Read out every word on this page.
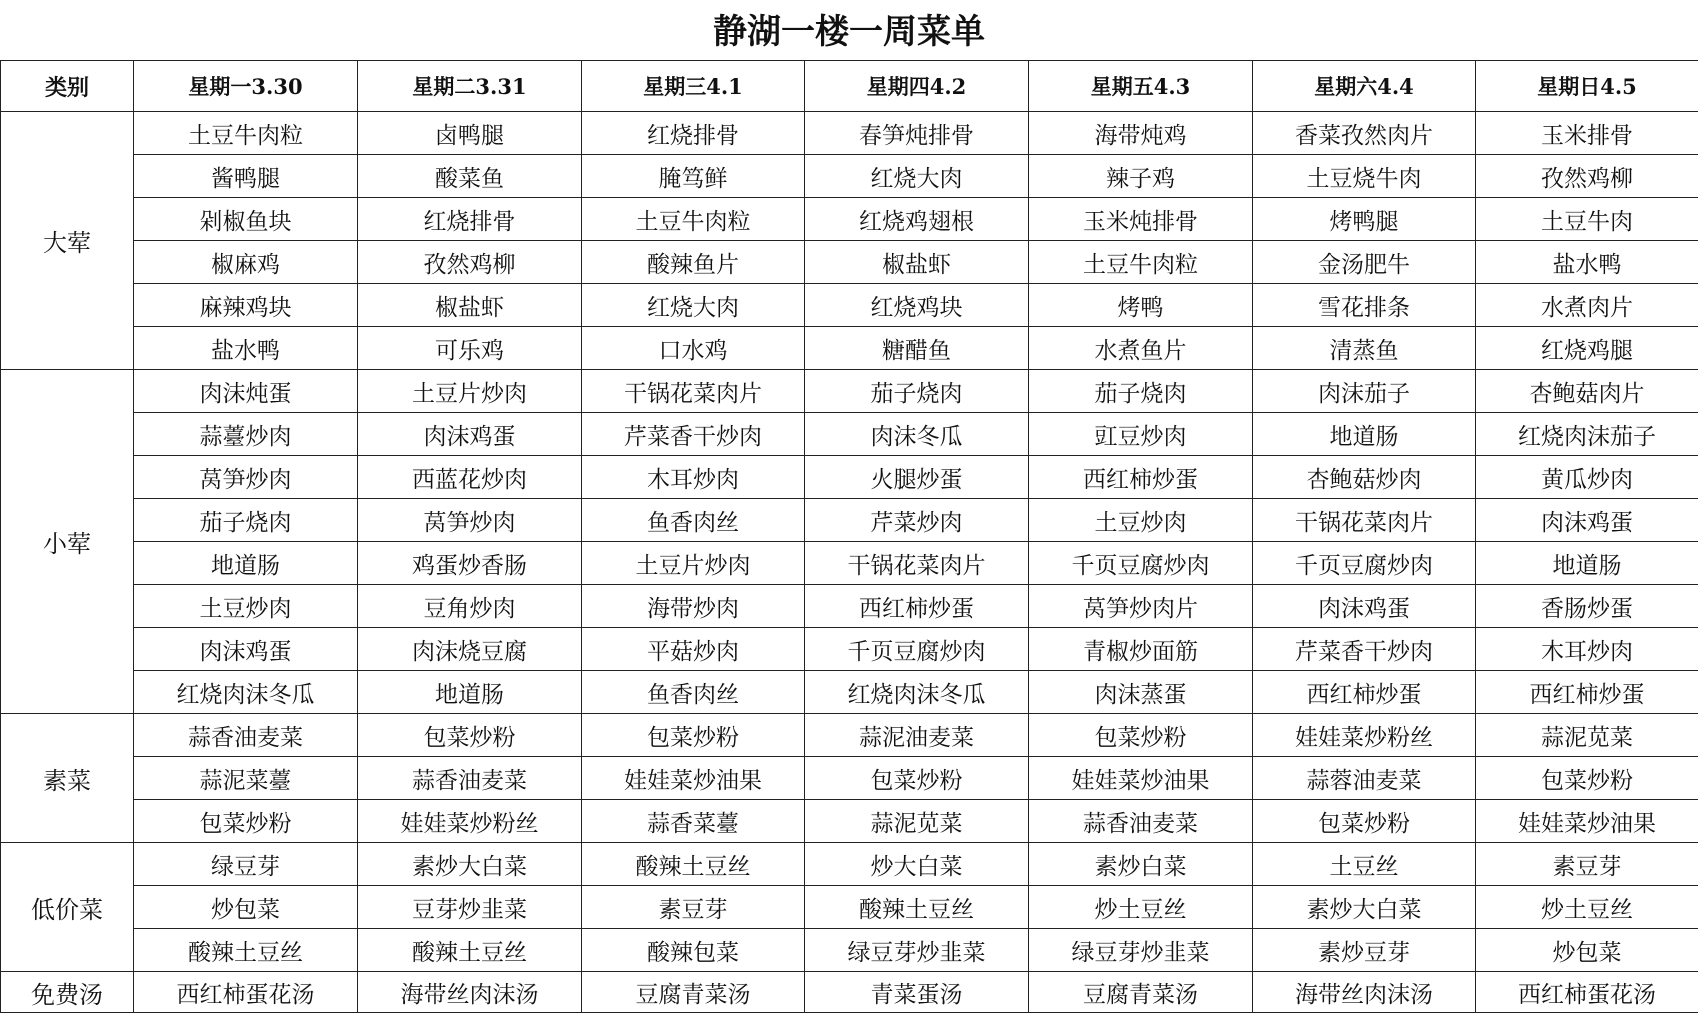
静湖一楼一周菜单
类别	星期一3.30	星期二3.31	星期三4.1	星期四4.2	星期五4.3	星期六4.4	星期日4.5
大荤	土豆牛肉粒	卤鸭腿	红烧排骨	春笋炖排骨	海带炖鸡	香菜孜然肉片	玉米排骨
	酱鸭腿	酸菜鱼	腌笃鲜	红烧大肉	辣子鸡	土豆烧牛肉	孜然鸡柳
	剁椒鱼块	红烧排骨	土豆牛肉粒	红烧鸡翅根	玉米炖排骨	烤鸭腿	土豆牛肉
	椒麻鸡	孜然鸡柳	酸辣鱼片	椒盐虾	土豆牛肉粒	金汤肥牛	盐水鸭
	麻辣鸡块	椒盐虾	红烧大肉	红烧鸡块	烤鸭	雪花排条	水煮肉片
	盐水鸭	可乐鸡	口水鸡	糖醋鱼	水煮鱼片	清蒸鱼	红烧鸡腿
小荤	肉沫炖蛋	土豆片炒肉	干锅花菜肉片	茄子烧肉	茄子烧肉	肉沫茄子	杏鲍菇肉片
	蒜薹炒肉	肉沫鸡蛋	芹菜香干炒肉	肉沫冬瓜	豇豆炒肉	地道肠	红烧肉沫茄子
	莴笋炒肉	西蓝花炒肉	木耳炒肉	火腿炒蛋	西红柿炒蛋	杏鲍菇炒肉	黄瓜炒肉
	茄子烧肉	莴笋炒肉	鱼香肉丝	芹菜炒肉	土豆炒肉	干锅花菜肉片	肉沫鸡蛋
	地道肠	鸡蛋炒香肠	土豆片炒肉	干锅花菜肉片	千页豆腐炒肉	千页豆腐炒肉	地道肠
	土豆炒肉	豆角炒肉	海带炒肉	西红柿炒蛋	莴笋炒肉片	肉沫鸡蛋	香肠炒蛋
	肉沫鸡蛋	肉沫烧豆腐	平菇炒肉	千页豆腐炒肉	青椒炒面筋	芹菜香干炒肉	木耳炒肉
	红烧肉沫冬瓜	地道肠	鱼香肉丝	红烧肉沫冬瓜	肉沫蒸蛋	西红柿炒蛋	西红柿炒蛋
素菜	蒜香油麦菜	包菜炒粉	包菜炒粉	蒜泥油麦菜	包菜炒粉	娃娃菜炒粉丝	蒜泥苋菜
	蒜泥菜薹	蒜香油麦菜	娃娃菜炒油果	包菜炒粉	娃娃菜炒油果	蒜蓉油麦菜	包菜炒粉
	包菜炒粉	娃娃菜炒粉丝	蒜香菜薹	蒜泥苋菜	蒜香油麦菜	包菜炒粉	娃娃菜炒油果
低价菜	绿豆芽	素炒大白菜	酸辣土豆丝	炒大白菜	素炒白菜	土豆丝	素豆芽
	炒包菜	豆芽炒韭菜	素豆芽	酸辣土豆丝	炒土豆丝	素炒大白菜	炒土豆丝
	酸辣土豆丝	酸辣土豆丝	酸辣包菜	绿豆芽炒韭菜	绿豆芽炒韭菜	素炒豆芽	炒包菜
免费汤	西红柿蛋花汤	海带丝肉沫汤	豆腐青菜汤	青菜蛋汤	豆腐青菜汤	海带丝肉沫汤	西红柿蛋花汤
